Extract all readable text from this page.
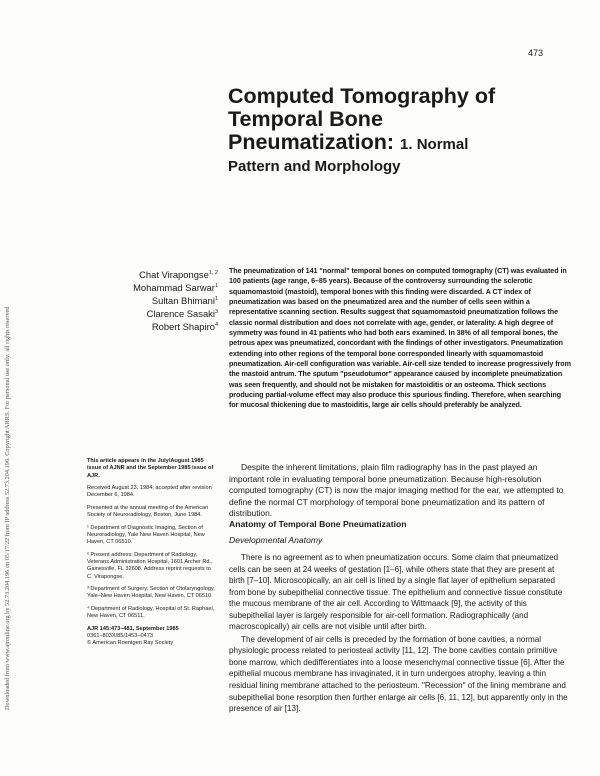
Downloaded from www.ajronline.org by 52.73.204.196 on 05/17/22 from IP address 52.73.204.196. Copyright ARRS. For personal use only; all rights reserved
473
Computed Tomography of
Temporal Bone
Pneumatization: 1. Normal
Pattern and Morphology
Chat Virapongse$^{1, 2}$
Mohammad Sarwar$^1$
Sultan Bhimani$^1$
Clarence Sasaki$^3$
Robert Shapiro$^4$

The pneumatization of 141 "normal" temporal bones on computed tomography (CT) was evaluated in 100 patients (age range, 6–85 years). Because of the controversy surrounding the sclerotic squamomastoid (mastoid), temporal bones with this finding were discarded. A CT index of pneumatization was based on the pneumatized area and the number of cells seen within a representative scanning section. Results suggest that squamomastoid pneumatization follows the classic normal distribution and does not correlate with age, gender, or laterality. A high degree of symmetry was found in 41 patients who had both ears examined. In 38% of all temporal bones, the petrous apex was pneumatized, concordant with the findings of other investigators. Pneumatization extending into other regions of the temporal bone corresponded linearly with squamomastoid pneumatization. Air-cell configuration was variable. Air-cell size tended to increase progressively from the mastoid antrum. The sputum "pseudotumor" appearance caused by incomplete pneumatization was seen frequently, and should not be mistaken for mastoiditis or an osteoma. Thick sections producing partial-volume effect may also produce this spurious finding. Therefore, when searching for mucosal thickening due to mastoiditis, large air cells should preferably be analyzed.

Despite the inherent limitations, plain film radiography has in the past played an important role in evaluating temporal bone pneumatization. Because high-resolution computed tomography (CT) is now the major imaging method for the ear, we attempted to define the normal CT morphology of temporal bone pneumatization and its pattern of distribution.

Anatomy of Temporal Bone Pneumatization
Developmental Anatomy

There is no agreement as to when pneumatization occurs. Some claim that pneumatized cells can be seen at 24 weeks of gestation [1–6], while others state that they are present at birth [7–10]. Microscopically, an air cell is lined by a single flat layer of epithelium separated from bone by subepithelial connective tissue. The epithelium and connective tissue constitute the mucous membrane of the air cell. According to Wittmaack [9], the activity of this subepithelial layer is largely responsible for air-cell formation. Radiographically (and macroscopically) air cells are not visible until after birth.

The development of air cells is preceded by the formation of bone cavities, a normal physiologic process related to periosteal activity [11, 12]. The bone cavities contain primitive bone marrow, which dedifferentiates into a loose mesenchymal connective tissue [6]. After the epithelial mucous membrane has invaginated, it in turn undergoes atrophy, leaving a thin residual lining membrane attached to the periosteum. "Recession" of the lining membrane and subepithelial bone resorption then further enlarge air cells [6, 11, 12], but apparently only in the presence of air [13].

This article appears in the July/August 1985 issue of AJNR and the September 1985 issue of AJR.

Received August 23, 1984; accepted after revision December 6, 1984.

Presented at the annual meeting of the American Society of Neuroradiology, Boston, June 1984.

¹ Department of Diagnostic Imaging, Section of Neuroradiology, Yale New Haven Hospital, New Haven, CT 06510.

² Present address: Department of Radiology, Veterans Administration Hospital, 1601 Archer Rd., Gainesville, FL 32608. Address reprint requests to C. Virapongse.

³ Department of Surgery, Section of Otolaryngology, Yale–New Haven Hospital, New Haven, CT 06510.

⁴ Department of Radiology, Hospital of St. Raphael, New Haven, CT 06511.

AJR 145:473–481, September 1985
0361–803X/85/1453–0473
© American Roentgen Ray Society
